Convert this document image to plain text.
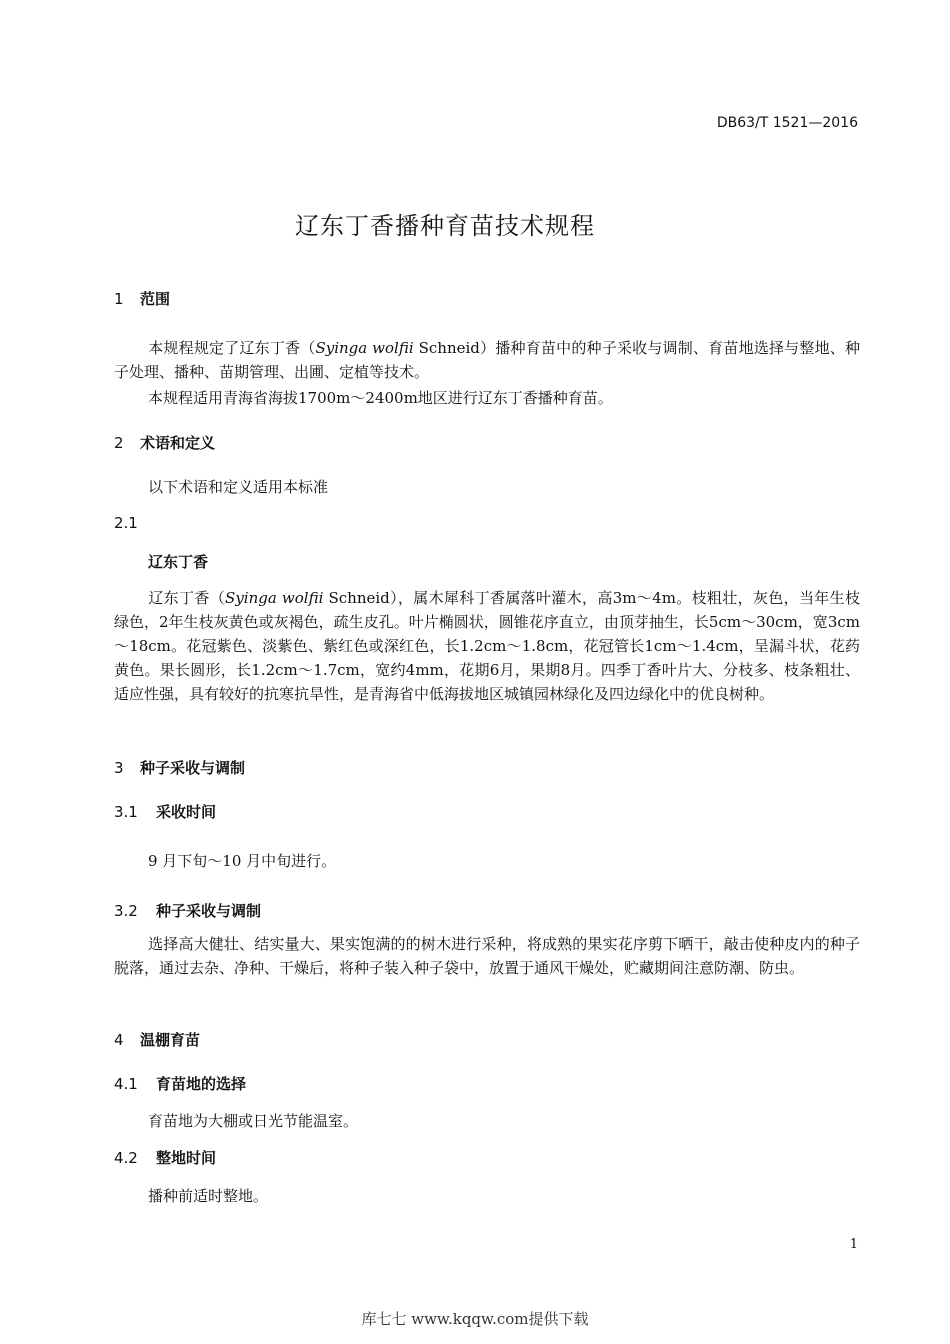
DB63/T 1521—2016
辽东丁香播种育苗技术规程
1 范围
本规程规定了辽东丁香（Syinga wolfii Schneid）播种育苗中的种子采收与调制、育苗地选择与整地、种子处理、播种、苗期管理、出圃、定植等技术。
本规程适用青海省海拔1700m～2400m地区进行辽东丁香播种育苗。
2 术语和定义
以下术语和定义适用本标准
2.1
辽东丁香
辽东丁香（Syinga wolfii Schneid），属木犀科丁香属落叶灌木，高3m～4m。枝粗壮，灰色，当年生枝绿色，2年生枝灰黄色或灰褐色，疏生皮孔。叶片椭圆状，圆锥花序直立，由顶芽抽生，长5cm～30cm，宽3cm～18cm。花冠紫色、淡紫色、紫红色或深红色，长1.2cm～1.8cm，花冠管长1cm～1.4cm，呈漏斗状，花药黄色。果长圆形，长1.2cm～1.7cm，宽约4mm，花期6月，果期8月。四季丁香叶片大、分枝多、枝条粗壮、适应性强，具有较好的抗寒抗旱性，是青海省中低海拔地区城镇园林绿化及四边绿化中的优良树种。
3 种子采收与调制
3.1 采收时间
9 月下旬～10 月中旬进行。
3.2 种子采收与调制
选择高大健壮、结实量大、果实饱满的的树木进行采种，将成熟的果实花序剪下晒干，敲击使种皮内的种子脱落，通过去杂、净种、干燥后，将种子装入种子袋中，放置于通风干燥处，贮藏期间注意防潮、防虫。
4 温棚育苗
4.1 育苗地的选择
育苗地为大棚或日光节能温室。
4.2 整地时间
播种前适时整地。
1
库七七 www.kqqw.com提供下载
